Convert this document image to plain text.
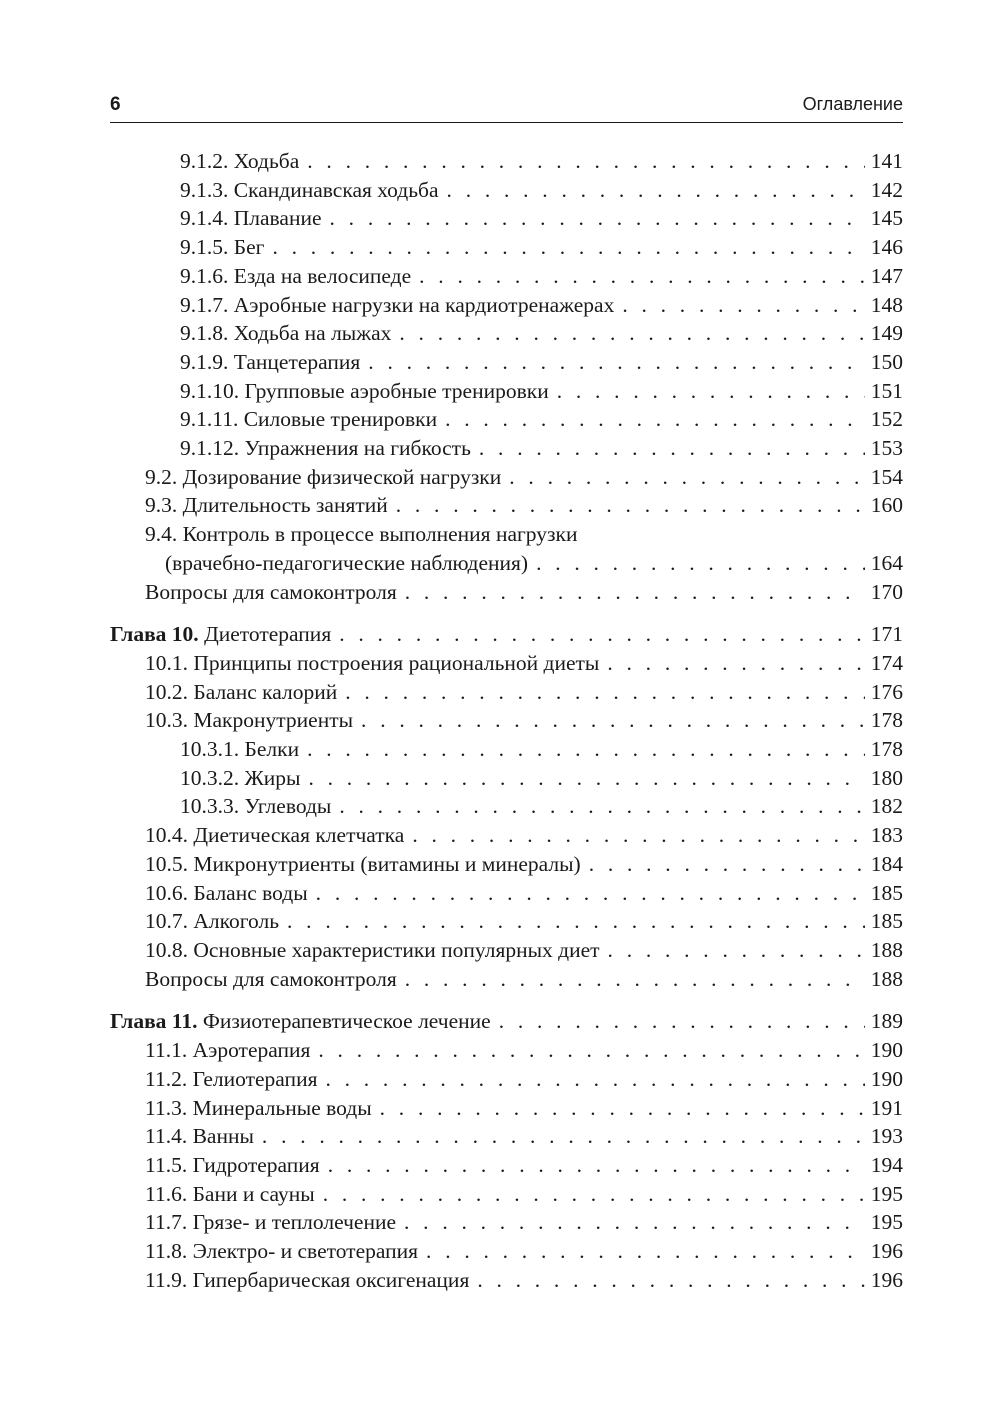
6	Оглавление
9.1.2. Ходьба . . .	141
9.1.3. Скандинавская ходьба . . .	142
9.1.4. Плавание . . .	145
9.1.5. Бег . . .	146
9.1.6. Езда на велосипеде . . .	147
9.1.7. Аэробные нагрузки на кардиотренажерах . . .	148
9.1.8. Ходьба на лыжах . . .	149
9.1.9. Танцетерапия . . .	150
9.1.10. Групповые аэробные тренировки . . .	151
9.1.11. Силовые тренировки . . .	152
9.1.12. Упражнения на гибкость . . .	153
9.2. Дозирование физической нагрузки . . .	154
9.3. Длительность занятий . . .	160
9.4. Контроль в процессе выполнения нагрузки
(врачебно-педагогические наблюдения) . . .	164
Вопросы для самоконтроля . . .	170
Глава 10. Диетотерапия . . .	171
10.1. Принципы построения рациональной диеты . . .	174
10.2. Баланс калорий . . .	176
10.3. Макронутриенты . . .	178
10.3.1. Белки . . .	178
10.3.2. Жиры . . .	180
10.3.3. Углеводы . . .	182
10.4. Диетическая клетчатка . . .	183
10.5. Микронутриенты (витамины и минералы) . . .	184
10.6. Баланс воды . . .	185
10.7. Алкоголь . . .	185
10.8. Основные характеристики популярных диет . . .	188
Вопросы для самоконтроля . . .	188
Глава 11. Физиотерапевтическое лечение . . .	189
11.1. Аэротерапия . . .	190
11.2. Гелиотерапия . . .	190
11.3. Минеральные воды . . .	191
11.4. Ванны . . .	193
11.5. Гидротерапия . . .	194
11.6. Бани и сауны . . .	195
11.7. Грязе- и теплолечение . . .	195
11.8. Электро- и светотерапия . . .	196
11.9. Гипербарическая оксигенация . . .	196
